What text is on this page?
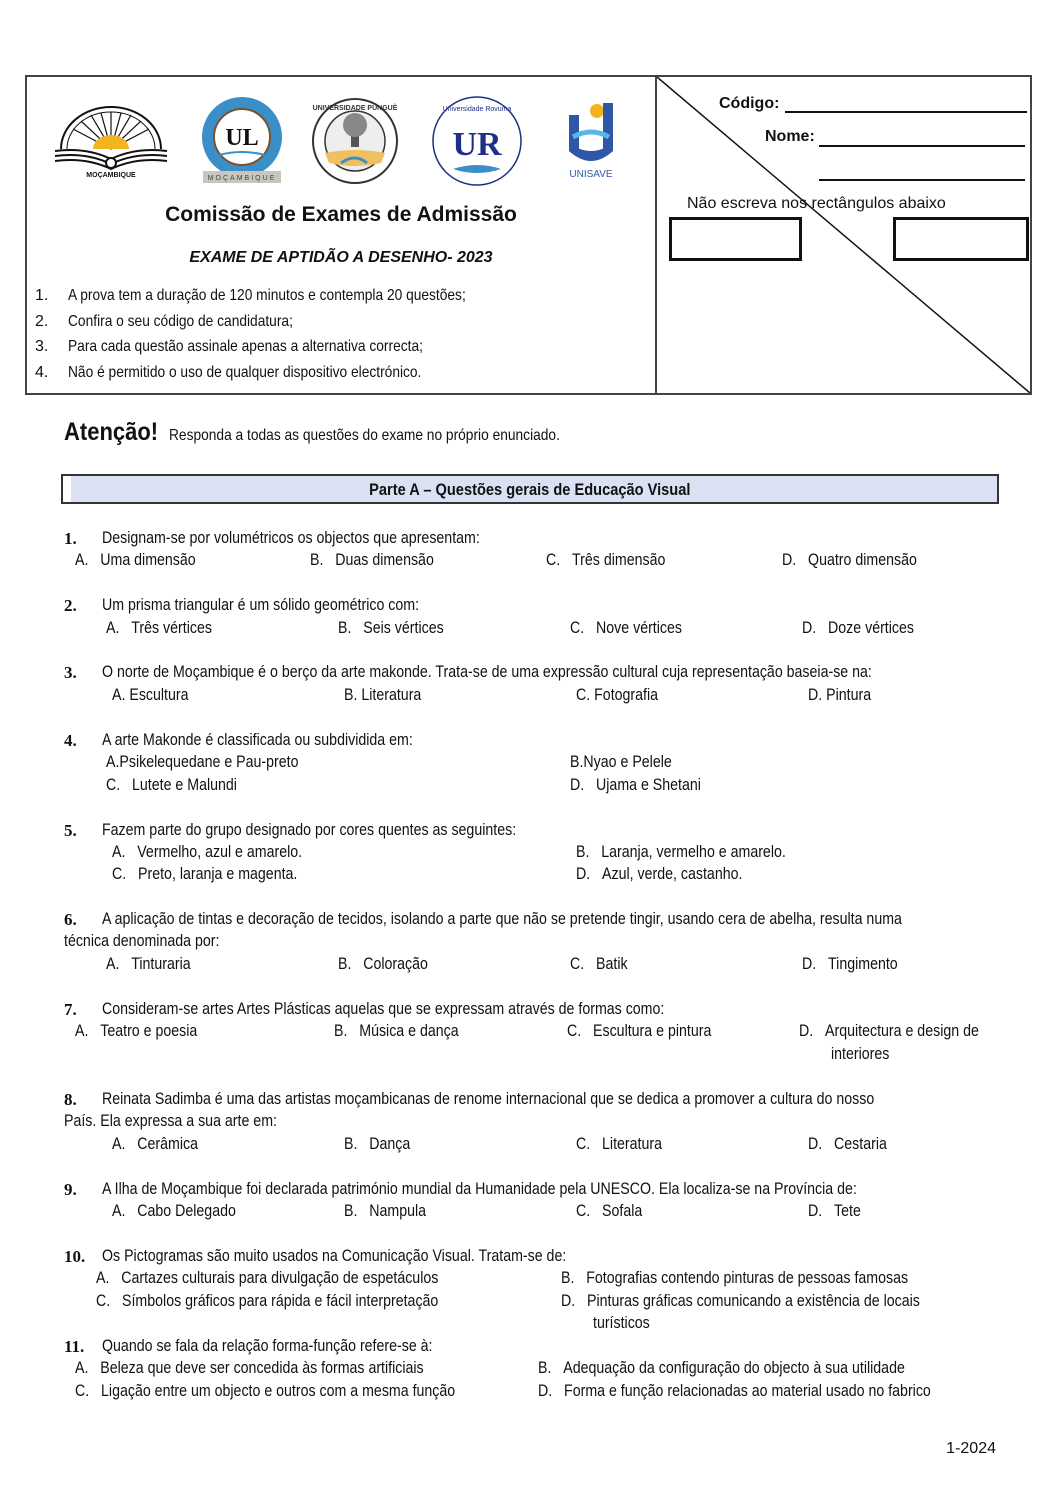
MOÇAMBIQUE
UL
MOÇAMBIQUE
UNIVERSIDADE PUNGUÈ
UR
Universidade Rovuma
UNISAVE
Comissão de Exames de Admissão
EXAME DE APTIDÃO A DESENHO- 2023
1. A prova tem a duração de 120 minutos e contempla 20 questões;
2. Confira o seu código de candidatura;
3. Para cada questão assinale apenas a alternativa correcta;
4. Não é permitido o uso de qualquer dispositivo electrónico.
Código:
Nome:
Não escreva nos rectângulos abaixo
Atenção! Responda a todas as questões do exame no próprio enunciado.
Parte A – Questões gerais de Educação Visual
1. Designam-se por volumétricos os objectos que apresentam:
A. Uma dimensão	B. Duas dimensão	C. Três dimensão	D. Quatro dimensão
2. Um prisma triangular é um sólido geométrico com:
A. Três vértices	B. Seis vértices	C. Nove vértices	D. Doze vértices
3. O norte de Moçambique é o berço da arte makonde. Trata-se de uma expressão cultural cuja representação baseia-se na:
A. Escultura	B. Literatura	C. Fotografia	D. Pintura
4. A arte Makonde é classificada ou subdividida em:
A.Psikelequedane e Pau-preto	B.Nyao e Pelele
C. Lutete e Malundi	D. Ujama e Shetani
5. Fazem parte do grupo designado por cores quentes as seguintes:
A. Vermelho, azul e amarelo.	B. Laranja, vermelho e amarelo.
C. Preto, laranja e magenta.	D. Azul, verde, castanho.
6. A aplicação de tintas e decoração de tecidos, isolando a parte que não se pretende tingir, usando cera de abelha, resulta numa
técnica denominada por:
A. Tinturaria	B. Coloração	C. Batik	D. Tingimento
7. Consideram-se artes Artes Plásticas aquelas que se expressam através de formas como:
A. Teatro e poesia	B. Música e dança	C. Escultura e pintura	D. Arquitectura e design de
interiores
8. Reinata Sadimba é uma das artistas moçambicanas de renome internacional que se dedica a promover a cultura do nosso
País. Ela expressa a sua arte em:
A. Cerâmica	B. Dança	C. Literatura	D. Cestaria
9. A Ilha de Moçambique foi declarada património mundial da Humanidade pela UNESCO. Ela localiza-se na Província de:
A. Cabo Delegado	B. Nampula	C. Sofala	D. Tete
10. Os Pictogramas são muito usados na Comunicação Visual. Tratam-se de:
A. Cartazes culturais para divulgação de espetáculos	B. Fotografias contendo pinturas de pessoas famosas
C. Símbolos gráficos para rápida e fácil interpretação	D. Pinturas gráficas comunicando a existência de locais
turísticos
11. Quando se fala da relação forma-função refere-se à:
A. Beleza que deve ser concedida às formas artificiais	B. Adequação da configuração do objecto à sua utilidade
C. Ligação entre um objecto e outros com a mesma função	D. Forma e função relacionadas ao material usado no fabrico
1-2024
